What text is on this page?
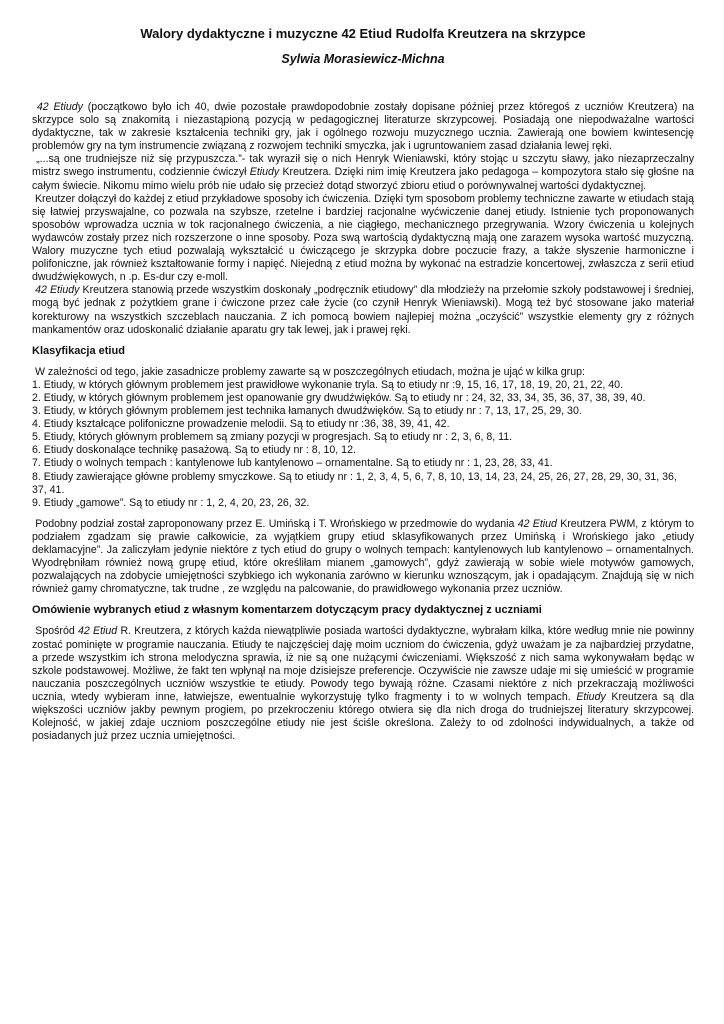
Walory dydaktyczne i muzyczne 42 Etiud Rudolfa Kreutzera na skrzypce
Sylwia Morasiewicz-Michna

42 Etiudy (początkowo było ich 40, dwie pozostałe prawdopodobnie zostały dopisane później przez któregoś z uczniów Kreutzera) na skrzypce solo są znakomitą i niezastąpioną pozycją w pedagogicznej literaturze skrzypcowej. Posiadają one niepodważalne wartości dydaktyczne, tak w zakresie kształcenia techniki gry, jak i ogólnego rozwoju muzycznego ucznia. Zawierają one bowiem kwintesencję problemów gry na tym instrumencie związaną z rozwojem techniki smyczka, jak i ugruntowaniem zasad działania lewej ręki.

„...są one trudniejsze niż się przypuszcza.”- tak wyraził się o nich Henryk Wieniawski, który stojąc u szczytu sławy, jako niezaprzeczalny mistrz swego instrumentu, codziennie ćwiczył Etiudy Kreutzera. Dzięki nim imię Kreutzera jako pedagoga – kompozytora stało się głośne na całym świecie. Nikomu mimo wielu prób nie udało się przecież dotąd stworzyć zbioru etiud o porównywalnej wartości dydaktycznej.

Kreutzer dołączył do każdej z etiud przykładowe sposoby ich ćwiczenia. Dzięki tym sposobom problemy techniczne zawarte w etiudach stają się łatwiej przyswajalne, co pozwala na szybsze, rzetelne i bardziej racjonalne wyćwiczenie danej etiudy. Istnienie tych proponowanych sposobów wprowadza ucznia w tok racjonalnego ćwiczenia, a nie ciągłego, mechanicznego przegrywania. Wzory ćwiczenia u kolejnych wydawców zostały przez nich rozszerzone o inne sposoby. Poza swą wartością dydaktyczną mają one zarazem wysoka wartość muzyczną. Walory muzyczne tych etiud pozwalają wykształcić u ćwiczącego je skrzypka dobre poczucie frazy, a także słyszenie harmoniczne i polifoniczne, jak również kształtowanie formy i napięć. Niejedną z etiud można by wykonać na estradzie koncertowej, zwłaszcza z serii etiud dwudźwiękowych, n .p. Es-dur czy e-moll.

42 Etiudy Kreutzera stanowią przede wszystkim doskonały „podręcznik etiudowy” dla młodzieży na przełomie szkoły podstawowej i średniej, mogą być jednak z pożytkiem grane i ćwiczone przez całe życie (co czynił Henryk Wieniawski). Mogą też być stosowane jako materiał korekturowy na wszystkich szczeblach nauczania. Z ich pomocą bowiem najlepiej można „oczyścić” wszystkie elementy gry z różnych mankamentów oraz udoskonalić działanie aparatu gry tak lewej, jak i prawej ręki.

Klasyfikacja etiud

W zależności od tego, jakie zasadnicze problemy zawarte są w poszczególnych etiudach, można je ująć w kilka grup:

1. Etiudy, w których głównym problemem jest prawidłowe wykonanie tryla. Są to etiudy nr :9, 15, 16, 17, 18, 19, 20, 21, 22, 40.
2. Etiudy, w których głównym problemem jest opanowanie gry dwudźwięków. Są to etiudy nr : 24, 32, 33, 34, 35, 36, 37, 38, 39, 40.
3. Etiudy, w których głównym problemem jest technika łamanych dwudźwięków. Są to etiudy nr : 7, 13, 17, 25, 29, 30.
4. Etiudy kształcące polifoniczne prowadzenie melodii. Są to etiudy nr :36, 38, 39, 41, 42.
5. Etiudy, których głównym problemem są zmiany pozycji w progresjach. Są to etiudy nr : 2, 3, 6, 8, 11.
6. Etiudy doskonalące technikę pasażową. Są to etiudy nr : 8, 10, 12.
7. Etiudy o wolnych tempach : kantylenowe lub kantylenowo – ornamentalne. Są to etiudy nr : 1, 23, 28, 33, 41.
8. Etiudy zawierające główne problemy smyczkowe. Są to etiudy nr : 1, 2, 3, 4, 5, 6, 7, 8, 10, 13, 14, 23, 24, 25, 26, 27, 28, 29, 30, 31, 36, 37, 41.
9. Etiudy „gamowe”. Są to etiudy nr : 1, 2, 4, 20, 23, 26, 32.

Podobny podział został zaproponowany przez E. Umińską i T. Wrońskiego w przedmowie do wydania 42 Etiud Kreutzera PWM, z którym to podziałem zgadzam się prawie całkowicie, za wyjątkiem grupy etiud sklasyfikowanych przez Umińską i Wrońskiego jako „etiudy deklamacyjne”. Ja zaliczyłam jedynie niektóre z tych etiud do grupy o wolnych tempach: kantylenowych lub kantylenowo – ornamentalnych. Wyodrębniłam również nową grupę etiud, które określiłam mianem „gamowych”, gdyż zawierają w sobie wiele motywów gamowych, pozwalających na zdobycie umiejętności szybkiego ich wykonania zarówno w kierunku wznoszącym, jak i opadającym. Znajdują się w nich również gamy chromatyczne, tak trudne , ze względu na palcowanie, do prawidłowego wykonania przez uczniów.

Omówienie wybranych etiud z własnym komentarzem dotyczącym pracy dydaktycznej z uczniami

Spośród 42 Etiud R. Kreutzera, z których każda niewątpliwie posiada wartości dydaktyczne, wybrałam kilka, które według mnie nie powinny zostać pominięte w programie nauczania. Etiudy te najczęściej daję moim uczniom do ćwiczenia, gdyż uważam je za najbardziej przydatne, a przede wszystkim ich strona melodyczna sprawia, iż nie są one nużącymi ćwiczeniami. Większość z nich sama wykonywałam będąc w szkole podstawowej. Możliwe, że fakt ten wpłynął na moje dzisiejsze preferencje. Oczywiście nie zawsze udaje mi się umieścić w programie nauczania poszczególnych uczniów wszystkie te etiudy. Powody tego bywają różne. Czasami niektóre z nich przekraczają możliwości ucznia, wtedy wybieram inne, łatwiejsze, ewentualnie wykorzystuję tylko fragmenty i to w wolnych tempach. Etiudy Kreutzera są dla większości uczniów jakby pewnym progiem, po przekroczeniu którego otwiera się dla nich droga do trudniejszej literatury skrzypcowej. Kolejność, w jakiej zdaje uczniom poszczególne etiudy nie jest ściśle określona. Zależy to od zdolności indywidualnych, a także od posiadanych już przez ucznia umiejętności.
